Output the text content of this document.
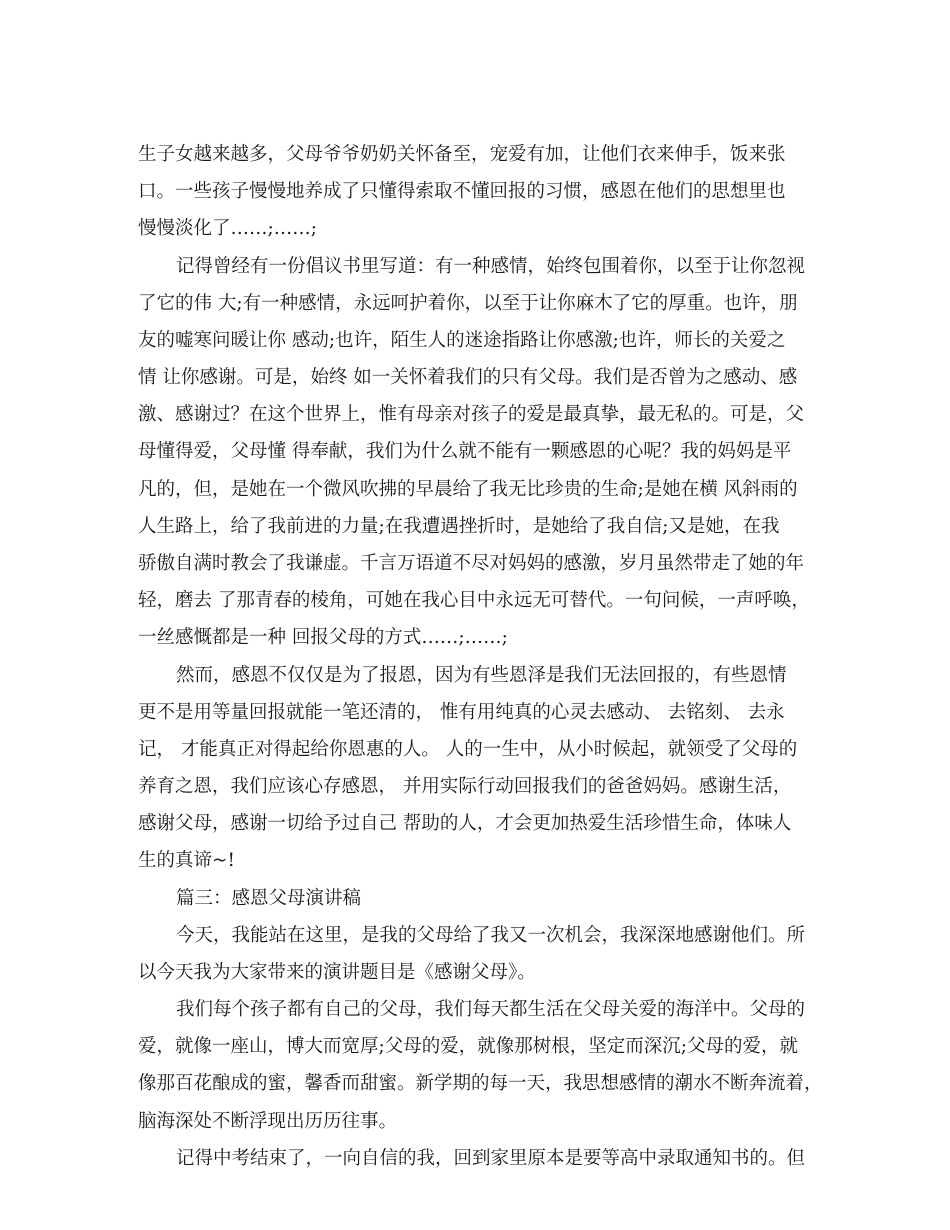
生子女越来越多，父母爷爷奶奶关怀备至，宠爱有加，让他们衣来伸手，饭来张

口。一些孩子慢慢地养成了只懂得索取不懂回报的习惯，感恩在他们的思想里也

慢慢淡化了……;……;

记得曾经有一份倡议书里写道：有一种感情，始终包围着你，以至于让你忽视

了它的伟 大;有一种感情，永远呵护着你，以至于让你麻木了它的厚重。也许，朋

友的嘘寒问暖让你 感动;也许，陌生人的迷途指路让你感激;也许，师长的关爱之

情 让你感谢。可是，始终 如一关怀着我们的只有父母。我们是否曾为之感动、感

激、感谢过？在这个世界上，惟有母亲对孩子的爱是最真挚，最无私的。可是，父

母懂得爱，父母懂 得奉献，我们为什么就不能有一颗感恩的心呢？我的妈妈是平

凡的，但，是她在一个微风吹拂的早晨给了我无比珍贵的生命;是她在横 风斜雨的

人生路上，给了我前进的力量;在我遭遇挫折时，是她给了我自信;又是她，在我

骄傲自满时教会了我谦虚。千言万语道不尽对妈妈的感激，岁月虽然带走了她的年

轻，磨去 了那青春的棱角，可她在我心目中永远无可替代。一句问候，一声呼唤，

一丝感慨都是一种 回报父母的方式……;……;

然而，感恩不仅仅是为了报恩，因为有些恩泽是我们无法回报的，有些恩情

更不是用等量回报就能一笔还清的， 惟有用纯真的心灵去感动、 去铭刻、 去永

记， 才能真正对得起给你恩惠的人。 人的一生中，从小时候起，就领受了父母的

养育之恩，我们应该心存感恩， 并用实际行动回报我们的爸爸妈妈。感谢生活，

感谢父母，感谢一切给予过自己 帮助的人，才会更加热爱生活珍惜生命，体味人

生的真谛~!

篇三：感恩父母演讲稿

今天，我能站在这里，是我的父母给了我又一次机会，我深深地感谢他们。所

以今天我为大家带来的演讲题目是《感谢父母》。

我们每个孩子都有自己的父母，我们每天都生活在父母关爱的海洋中。父母的

爱，就像一座山，博大而宽厚;父母的爱，就像那树根，坚定而深沉;父母的爱，就

像那百花酿成的蜜，馨香而甜蜜。新学期的每一天，我思想感情的潮水不断奔流着，

脑海深处不断浮现出历历往事。

记得中考结束了，一向自信的我，回到家里原本是要等高中录取通知书的。但
